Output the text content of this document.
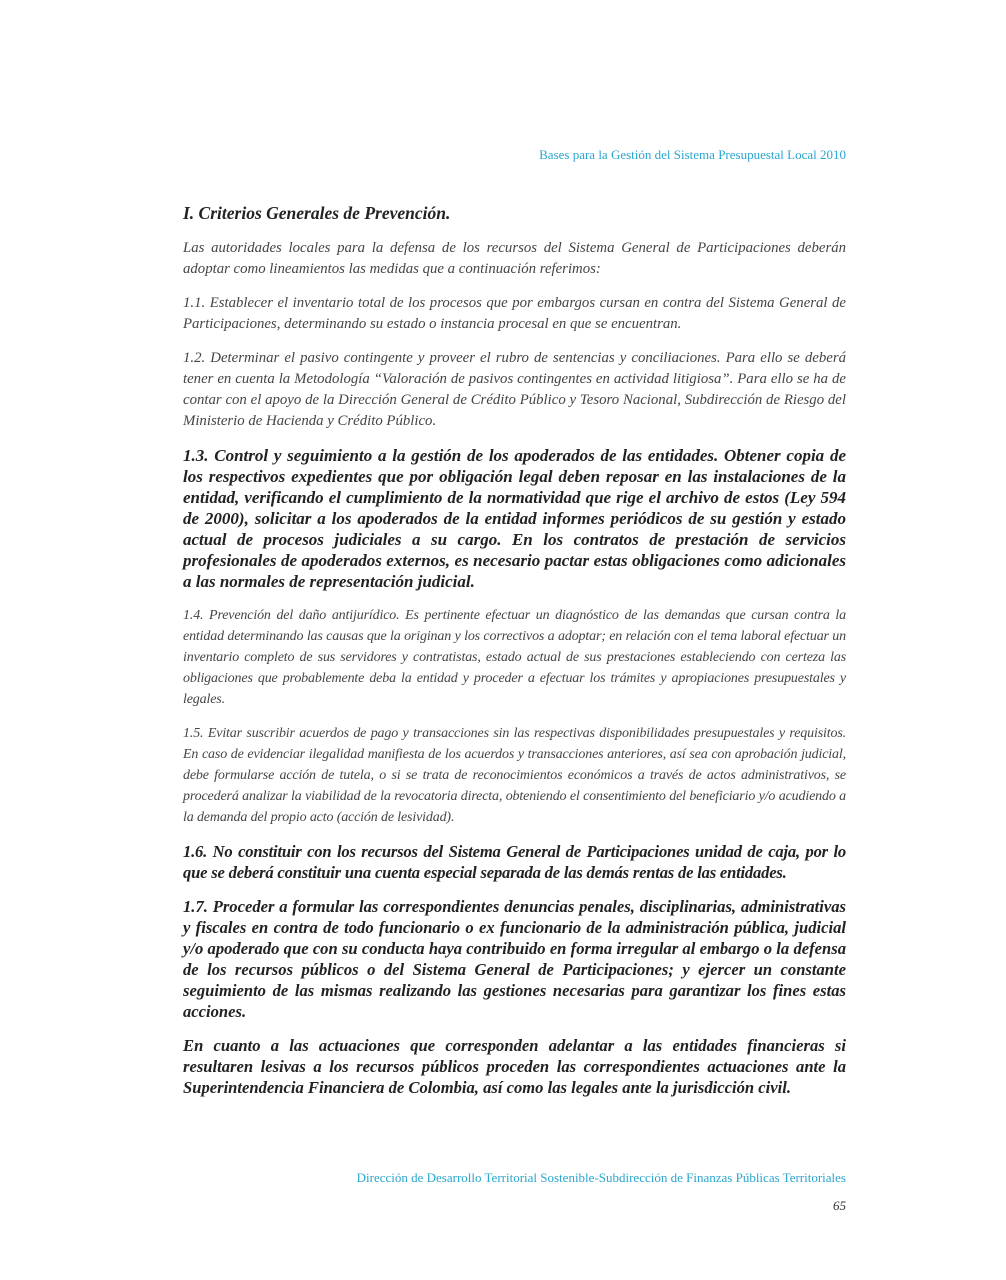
Bases para la Gestión del Sistema Presupuestal Local 2010
I. Criterios Generales de Prevención.

Las autoridades locales para la defensa de los recursos del Sistema General de Participaciones deberán adoptar como lineamientos las medidas que a continuación referimos:

1.1. Establecer el inventario total de los procesos que por embargos cursan en contra del Sistema General de Participaciones, determinando su estado o instancia procesal en que se encuentran.

1.2. Determinar el pasivo contingente y proveer el rubro de sentencias y conciliaciones. Para ello se deberá tener en cuenta la Metodología “Valoración de pasivos contingentes en actividad litigiosa”. Para ello se ha de contar con el apoyo de la Dirección General de Crédito Público y Tesoro Nacional, Subdirección de Riesgo del Ministerio de Hacienda y Crédito Público.

1.3. Control y seguimiento a la gestión de los apoderados de las entidades. Obtener copia de los respectivos expedientes que por obligación legal deben reposar en las instalaciones de la entidad, verificando el cumplimiento de la normatividad que rige el archivo de estos (Ley 594 de 2000), solicitar a los apoderados de la entidad informes periódicos de su gestión y estado actual de procesos judiciales a su cargo. En los contratos de prestación de servicios profesionales de apoderados externos, es necesario pactar estas obligaciones como adicionales a las normales de representación judicial.

1.4. Prevención del daño antijurídico. Es pertinente efectuar un diagnóstico de las demandas que cursan contra la entidad determinando las causas que la originan y los correctivos a adoptar; en relación con el tema laboral efectuar un inventario completo de sus servidores y contratistas, estado actual de sus prestaciones estableciendo con certeza las obligaciones que probablemente deba la entidad y proceder a efectuar los trámites y apropiaciones presupuestales y legales.

1.5. Evitar suscribir acuerdos de pago y transacciones sin las respectivas disponibilidades presupuestales y requisitos. En caso de evidenciar ilegalidad manifiesta de los acuerdos y transacciones anteriores, así sea con aprobación judicial, debe formularse acción de tutela, o si se trata de reconocimientos económicos a través de actos administrativos, se procederá analizar la viabilidad de la revocatoria directa, obteniendo el consentimiento del beneficiario y/o acudiendo a la demanda del propio acto (acción de lesividad).

1.6. No constituir con los recursos del Sistema General de Participaciones unidad de caja, por lo que se deberá constituir una cuenta especial separada de las demás rentas de las entidades.

1.7. Proceder a formular las correspondientes denuncias penales, disciplinarias, administrativas y fiscales en contra de todo funcionario o ex funcionario de la administración pública, judicial y/o apoderado que con su conducta haya contribuido en forma irregular al embargo o la defensa de los recursos públicos o del Sistema General de Participaciones; y ejercer un constante seguimiento de las mismas realizando las gestiones necesarias para garantizar los fines estas acciones.

En cuanto a las actuaciones que corresponden adelantar a las entidades financieras si resultaren lesivas a los recursos públicos proceden las correspondientes actuaciones ante la Superintendencia Financiera de Colombia, así como las legales ante la jurisdicción civil.

Dirección de Desarrollo Territorial Sostenible-Subdirección de Finanzas Públicas Territoriales
65
